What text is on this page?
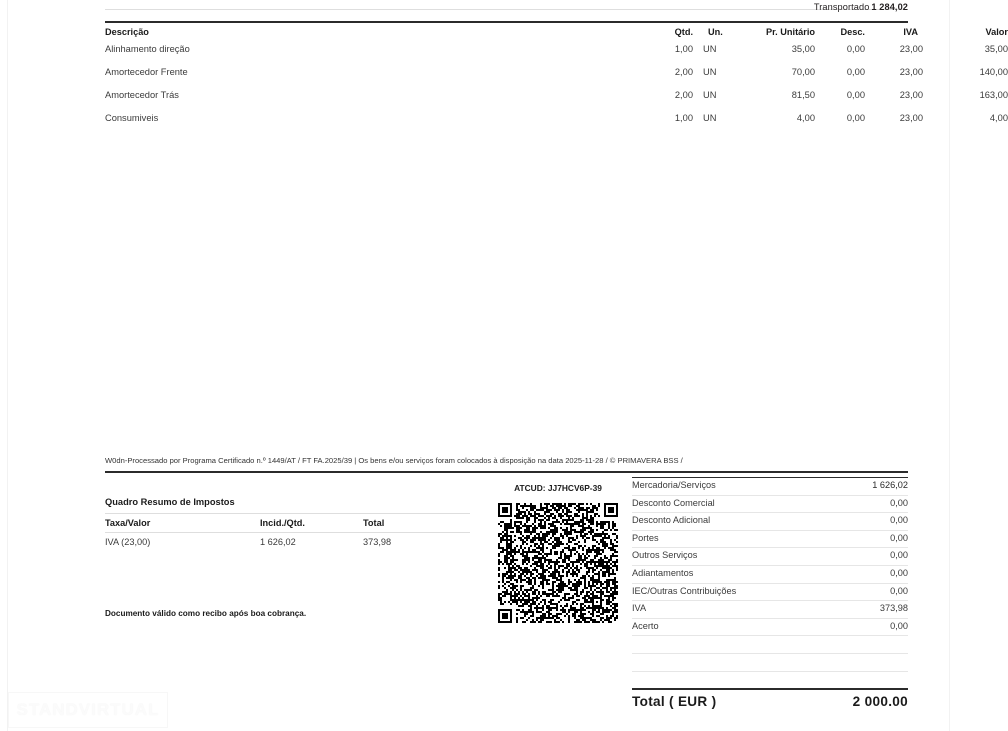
Transportado 1 284,02
Descrição	Qtd. Un.	Pr. Unitário	Desc.	IVA	Valor
Alinhamento direção	1,00 UN	35,00	0,00	23,00	35,00
Amortecedor Frente	2,00 UN	70,00	0,00	23,00	140,00
Amortecedor Trás	2,00 UN	81,50	0,00	23,00	163,00
Consumiveis	1,00 UN	4,00	0,00	23,00	4,00
W0dn-Processado por Programa Certificado n.º 1449/AT / FT FA.2025/39 | Os bens e/ou serviços foram colocados à disposição na data 2025-11-28 / © PRIMAVERA BSS /
Quadro Resumo de Impostos
Taxa/Valor	Incid./Qtd.	Total
IVA (23,00)	1 626,02	373,98
Documento válido como recibo após boa cobrança.
ATCUD: JJ7HCV6P-39	Mercadoria/Serviços	1 626,02
Desconto Comercial	0,00
Desconto Adicional	0,00
Portes	0,00
Outros Serviços	0,00
Adiantamentos	0,00
IEC/Outras Contribuições	0,00
IVA	373,98
Acerto	0,00
Total ( EUR )	2 000.00
STANDVIRTUAL
